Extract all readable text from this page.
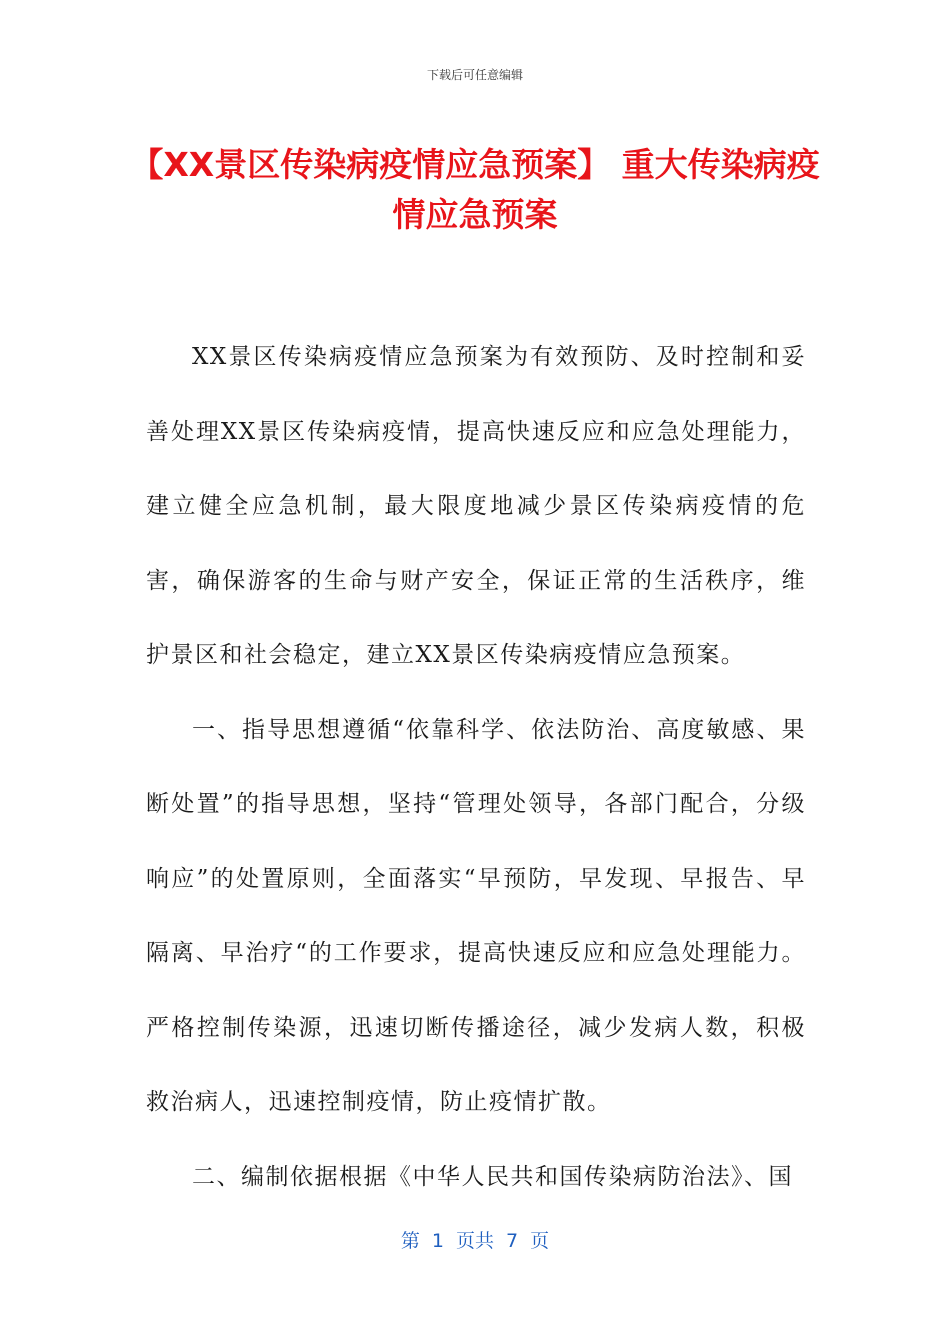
下载后可任意编辑
【XX景区传染病疫情应急预案】 重大传染病疫情应急预案

XX景区传染病疫情应急预案为有效预防、及时控制和妥善处理XX景区传染病疫情，提高快速反应和应急处理能力，建立健全应急机制，最大限度地减少景区传染病疫情的危害，确保游客的生命与财产安全，保证正常的生活秩序，维护景区和社会稳定，建立XX景区传染病疫情应急预案。

一、指导思想遵循“依靠科学、依法防治、高度敏感、果断处置”的指导思想，坚持“管理处领导，各部门配合，分级响应”的处置原则，全面落实“早预防，早发现、早报告、早隔离、早治疗“的工作要求，提高快速反应和应急处理能力。严格控制传染源，迅速切断传播途径，减少发病人数，积极救治病人，迅速控制疫情，防止疫情扩散。

二、编制依据根据《中华人民共和国传染病防治法》、国

第 1 页共 7 页
